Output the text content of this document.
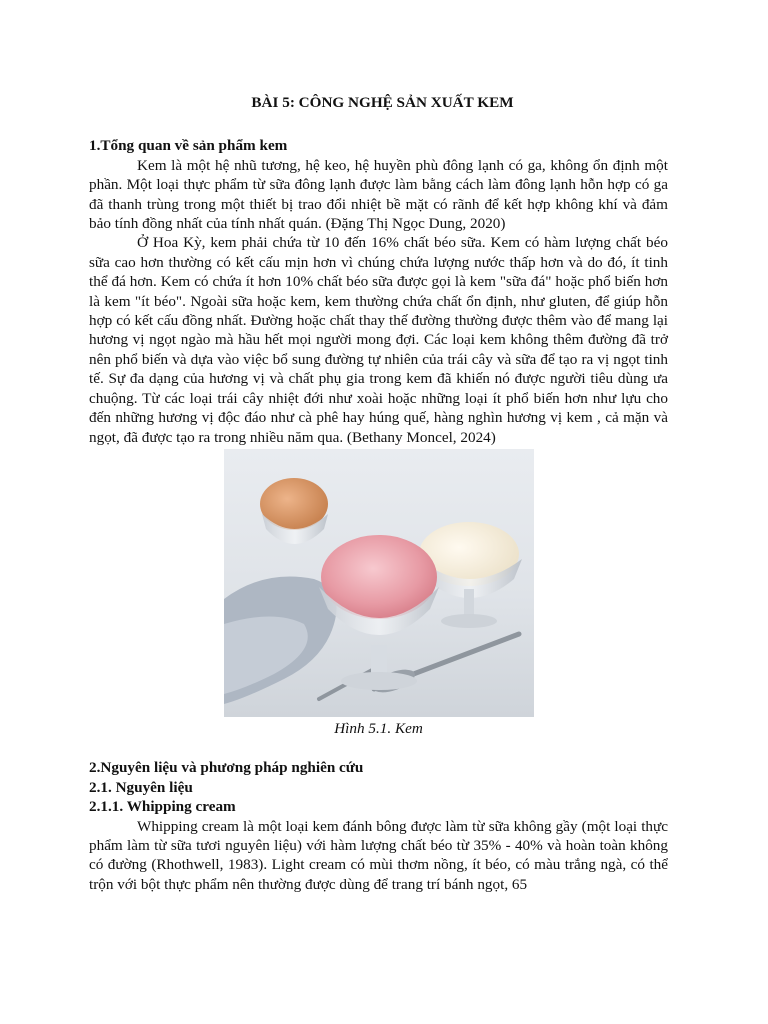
BÀI 5: CÔNG NGHỆ SẢN XUẤT KEM
1.Tổng quan về sản phẩm kem

Kem là một hệ nhũ tương, hệ keo, hệ huyền phù đông lạnh có ga, không ổn định một phần. Một loại thực phẩm từ sữa đông lạnh được làm bằng cách làm đông lạnh hỗn hợp có ga đã thanh trùng trong một thiết bị trao đổi nhiệt bề mặt có rãnh để kết hợp không khí và đảm bảo tính đồng nhất của tính nhất quán. (Đặng Thị Ngọc Dung, 2020)

Ở Hoa Kỳ, kem phải chứa từ 10 đến 16% chất béo sữa. Kem có hàm lượng chất béo sữa cao hơn thường có kết cấu mịn hơn vì chúng chứa lượng nước thấp hơn và do đó, ít tinh thể đá hơn. Kem có chứa ít hơn 10% chất béo sữa được gọi là kem "sữa đá" hoặc phổ biến hơn là kem "ít béo". Ngoài sữa hoặc kem, kem thường chứa chất ổn định, như gluten, để giúp hỗn hợp có kết cấu đồng nhất. Đường hoặc chất thay thế đường thường được thêm vào để mang lại hương vị ngọt ngào mà hầu hết mọi người mong đợi. Các loại kem không thêm đường đã trở nên phổ biến và dựa vào việc bổ sung đường tự nhiên của trái cây và sữa để tạo ra vị ngọt tinh tế. Sự đa dạng của hương vị và chất phụ gia trong kem đã khiến nó được người tiêu dùng ưa chuộng. Từ các loại trái cây nhiệt đới như xoài hoặc những loại ít phổ biến hơn như lựu cho đến những hương vị độc đáo như cà phê hay húng quế, hàng nghìn hương vị kem , cả mặn và ngọt, đã được tạo ra trong nhiều năm qua. (Bethany Moncel, 2024)

Hình 5.1. Kem
2.Nguyên liệu và phương pháp nghiên cứu
2.1. Nguyên liệu
2.1.1. Whipping cream

Whipping cream là một loại kem đánh bông được làm từ sữa không gầy (một loại thực phẩm làm từ sữa tươi nguyên liệu) với hàm lượng chất béo từ 35% - 40% và hoàn toàn không có đường (Rhothwell, 1983). Light cream có mùi thơm nồng, ít béo, có màu trắng ngà, có thể trộn với bột thực phẩm nên thường được dùng để trang trí bánh ngọt, 65
